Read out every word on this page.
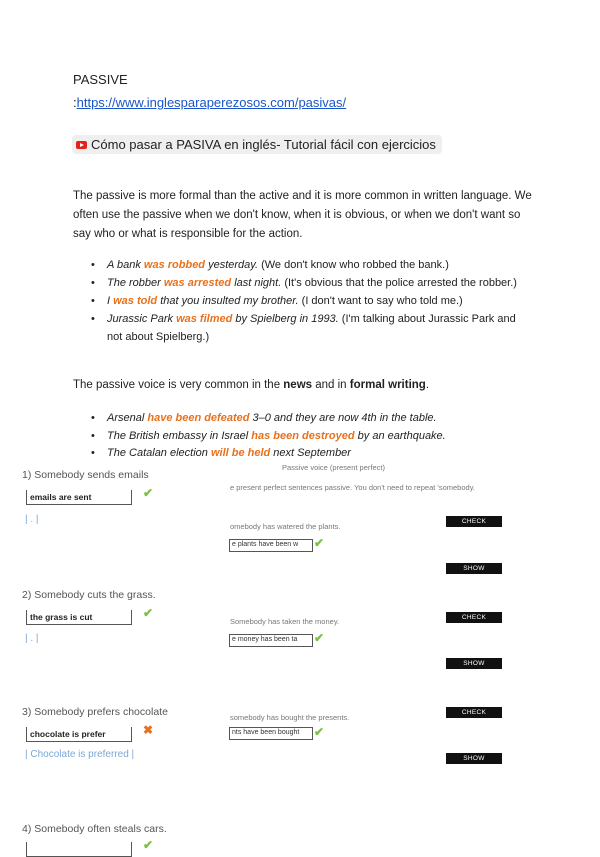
PASSIVE
:https://www.inglesparaperezosos.com/pasivas/
Cómo pasar a PASIVA en inglés- Tutorial fácil con ejercicios
The passive is more formal than the active and it is more common in written language. We often use the passive when we don't know, when it is obvious, or when we don't want so say who or what is responsible for the action.
• A bank was robbed yesterday. (We don't know who robbed the bank.)
• The robber was arrested last night. (It's obvious that the police arrested the robber.)
• I was told that you insulted my brother. (I don't want to say who told me.)
• Jurassic Park was filmed by Spielberg in 1993. (I'm talking about Jurassic Park and not about Spielberg.)
The passive voice is very common in the news and in formal writing.
• Arsenal have been defeated 3–0 and they are now 4th in the table.
• The British embassy in Israel has been destroyed by an earthquake.
• The Catalan election will be held next September
1) Somebody sends emails
emails are sent	✔
| . |
2) Somebody cuts the grass.
the grass is cut	✔
| . |
3) Somebody prefers chocolate
chocolate is prefer	✖
| Chocolate is preferred |
4) Somebody often steals cars.
✔
Passive voice (present perfect)
e present perfect sentences passive. You don't need to repeat 'somebody.
omebody has watered the plants.
e plants have been w	✔
CHECK
SHOW
Somebody has taken the money.
e money has been ta	✔
CHECK
SHOW
somebody has bought the presents.
nts have been bought	✔
CHECK
SHOW
